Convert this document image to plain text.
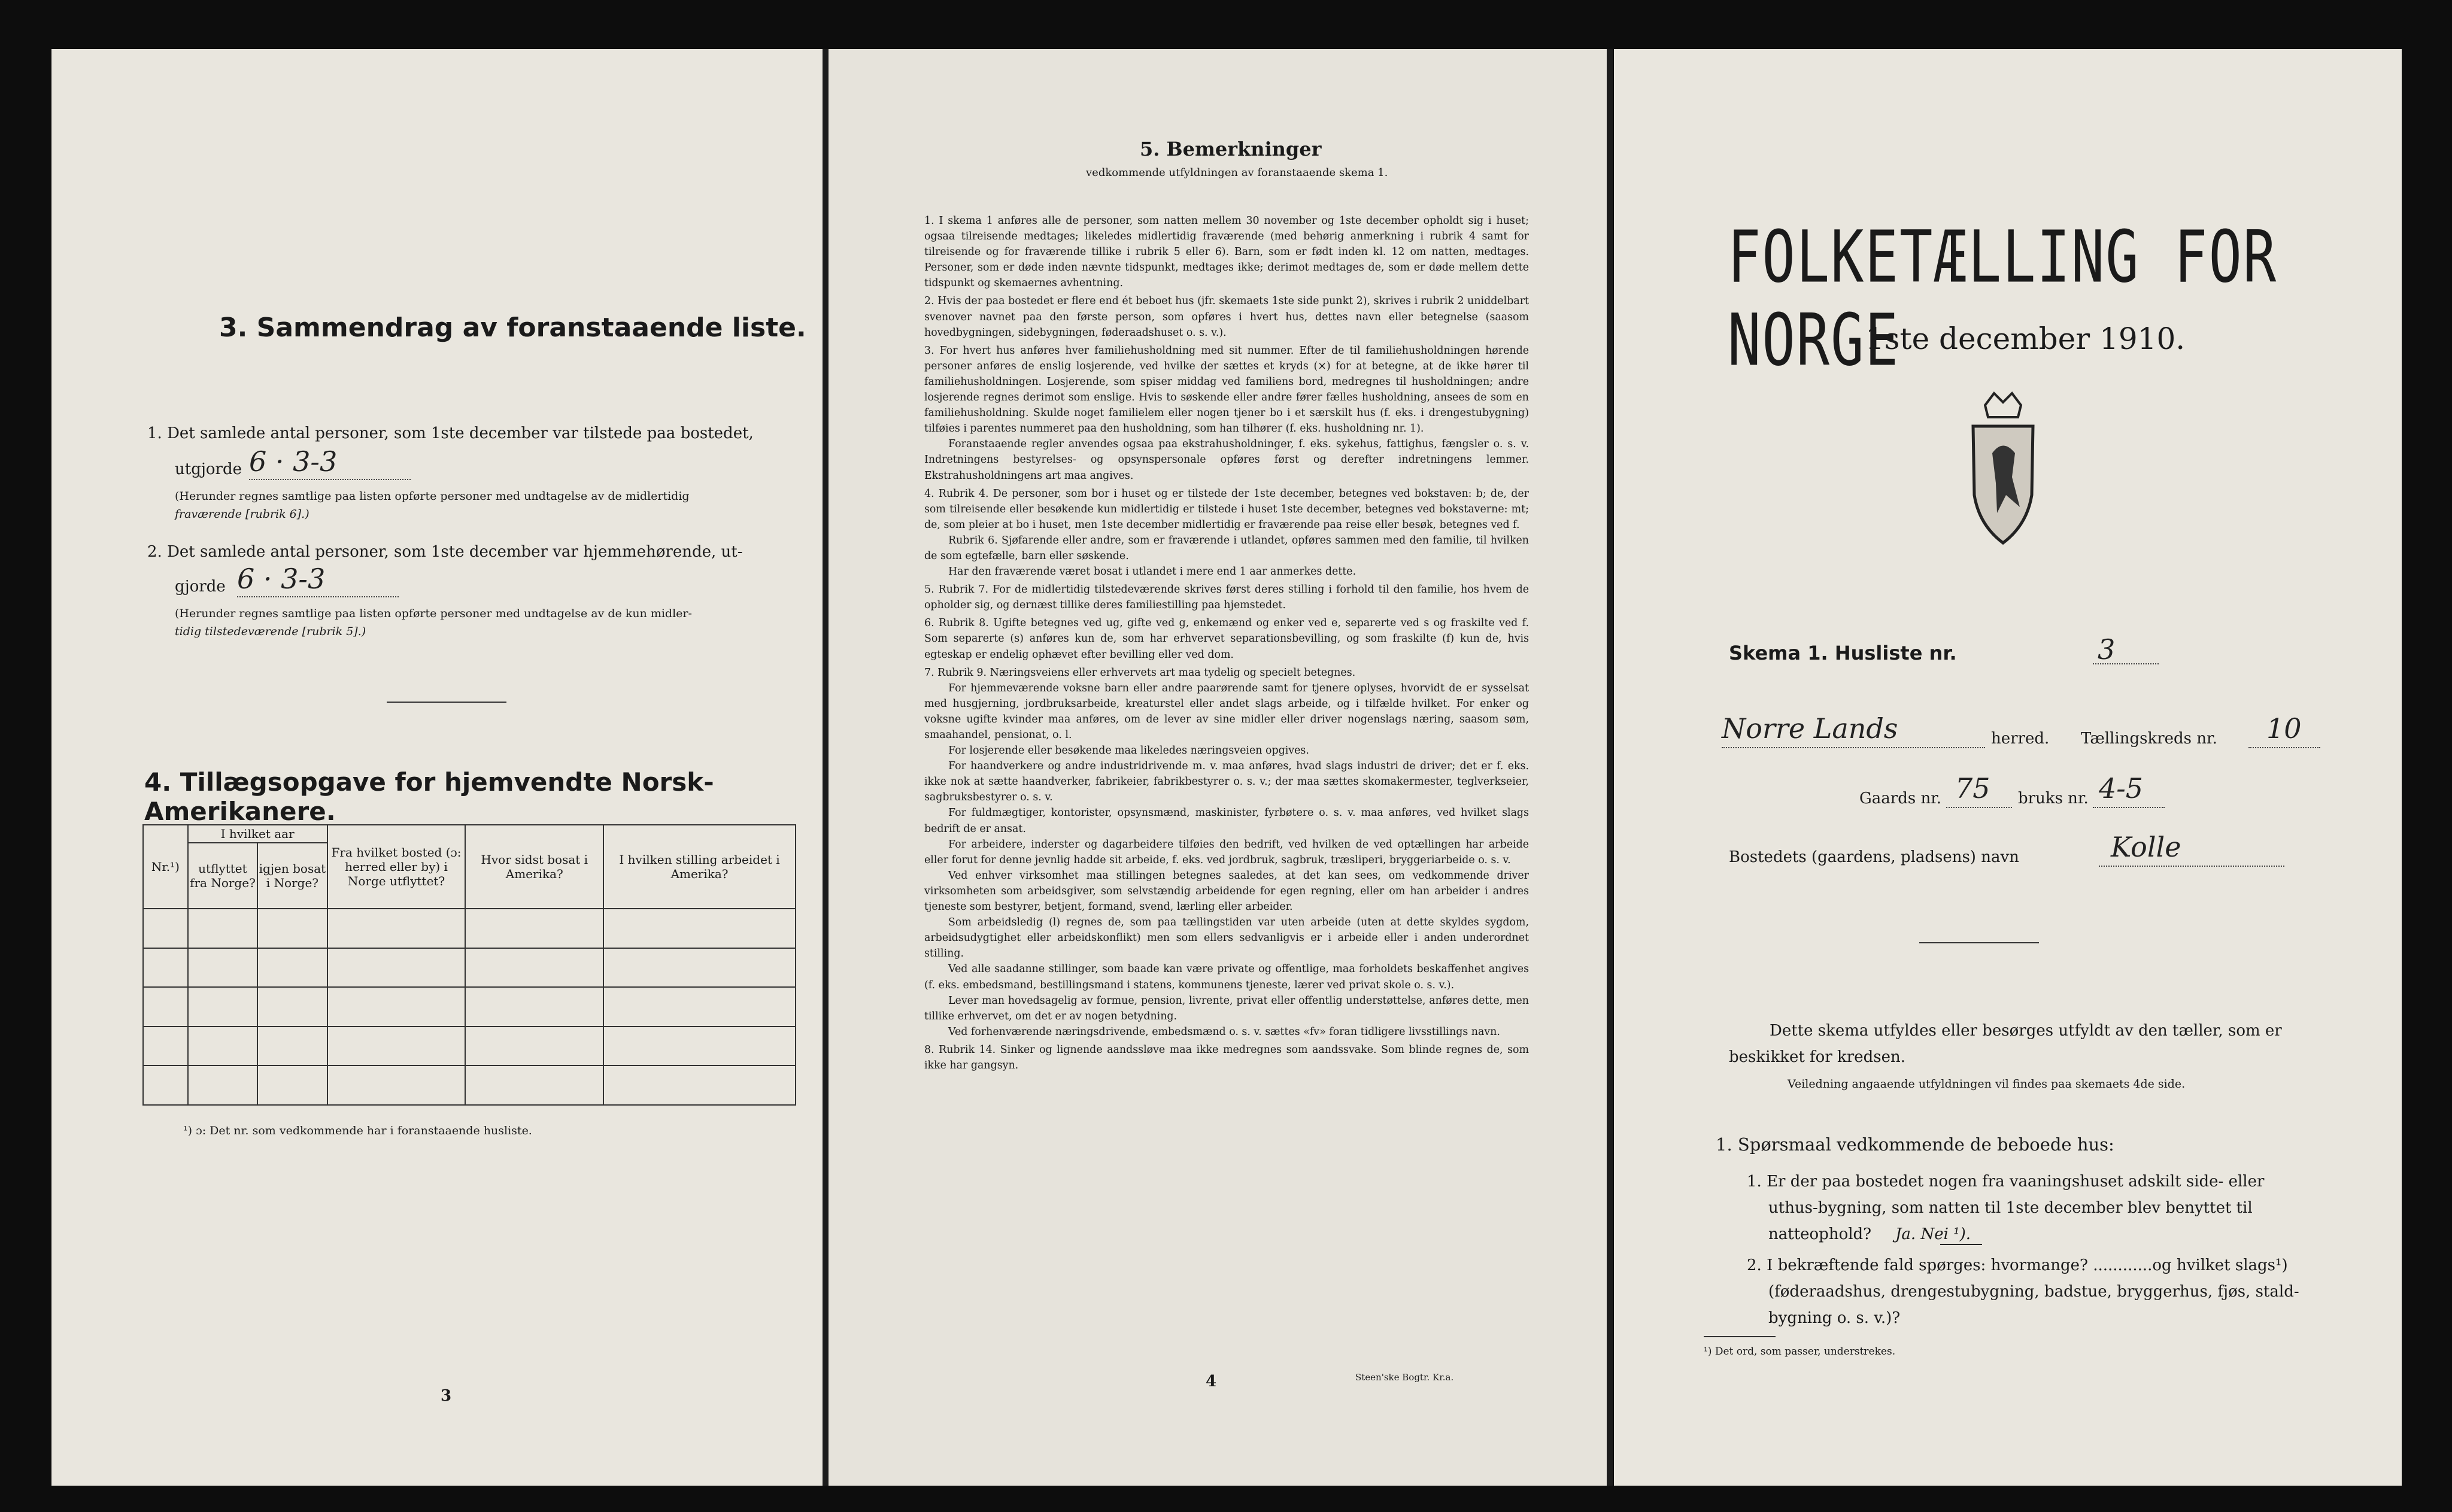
3. Sammendrag av foranstaaende liste.
1. Det samlede antal personer, som 1ste december var tilstede paa bostedet,
utgjorde 6 · 3-3
(Herunder regnes samtlige paa listen opførte personer med undtagelse av de midlertidig
fraværende [rubrik 6].)
2. Det samlede antal personer, som 1ste december var hjemmehørende, ut-
gjorde 6 · 3-3
(Herunder regnes samtlige paa listen opførte personer med undtagelse av de kun midler-
tidig tilstedeværende [rubrik 5].)
4. Tillægsopgave for hjemvendte Norsk-Amerikanere.
Nr.¹)	I hvilket aar		Fra hvilket bosted (ɔ: herred eller by) i Norge utflyttet?	Hvor sidst bosat i Amerika?	I hvilken stilling arbeidet i Amerika?
	utflyttet fra Norge?	igjen bosat i Norge?			

¹) ɔ: Det nr. som vedkommende har i foranstaaende husliste.
3
5. Bemerkninger
vedkommende utfyldningen av foranstaaende skema 1.

1. I skema 1 anføres alle de personer, som natten mellem 30 november og 1ste december opholdt sig i huset; ogsaa tilreisende medtages; likeledes midlertidig fraværende (med behørig anmerkning i rubrik 4 samt for tilreisende og for fraværende tillike i rubrik 5 eller 6). Barn, som er født inden kl. 12 om natten, medtages. Personer, som er døde inden nævnte tidspunkt, medtages ikke; derimot medtages de, som er døde mellem dette tidspunkt og skemaernes avhentning.

2. Hvis der paa bostedet er flere end ét beboet hus (jfr. skemaets 1ste side punkt 2), skrives i rubrik 2 uniddelbart svenover navnet paa den første person, som opføres i hvert hus, dettes navn eller betegnelse (saasom hovedbygningen, sidebygningen, føderaadshuset o. s. v.).

3. For hvert hus anføres hver familiehusholdning med sit nummer. Efter de til familiehusholdningen hørende personer anføres de enslig losjerende, ved hvilke der sættes et kryds (×) for at betegne, at de ikke hører til familiehusholdningen. Losjerende, som spiser middag ved familiens bord, medregnes til husholdningen; andre losjerende regnes derimot som enslige. Hvis to søskende eller andre fører fælles husholdning, ansees de som en familiehusholdning. Skulde noget familielem eller nogen tjener bo i et særskilt hus (f. eks. i drengestubygning) tilføies i parentes nummeret paa den husholdning, som han tilhører (f. eks. husholdning nr. 1).

Foranstaaende regler anvendes ogsaa paa ekstrahusholdninger, f. eks. sykehus, fattighus, fængsler o. s. v. Indretningens bestyrelses- og opsynspersonale opføres først og derefter indretningens lemmer. Ekstrahusholdningens art maa angives.

4. Rubrik 4. De personer, som bor i huset og er tilstede der 1ste december, betegnes ved bokstaven: b; de, der som tilreisende eller besøkende kun midlertidig er tilstede i huset 1ste december, betegnes ved bokstaverne: mt; de, som pleier at bo i huset, men 1ste december midlertidig er fraværende paa reise eller besøk, betegnes ved f.

Rubrik 6. Sjøfarende eller andre, som er fraværende i utlandet, opføres sammen med den familie, til hvilken de som egtefælle, barn eller søskende.

Har den fraværende været bosat i utlandet i mere end 1 aar anmerkes dette.

5. Rubrik 7. For de midlertidig tilstedeværende skrives først deres stilling i forhold til den familie, hos hvem de opholder sig, og dernæst tillike deres familiestilling paa hjemstedet.

6. Rubrik 8. Ugifte betegnes ved ug, gifte ved g, enkemænd og enker ved e, separerte ved s og fraskilte ved f. Som separerte (s) anføres kun de, som har erhvervet separationsbevilling, og som fraskilte (f) kun de, hvis egteskap er endelig ophævet efter bevilling eller ved dom.

7. Rubrik 9. Næringsveiens eller erhvervets art maa tydelig og specielt betegnes.

For hjemmeværende voksne barn eller andre paarørende samt for tjenere oplyses, hvorvidt de er sysselsat med husgjerning, jordbruksarbeide, kreaturstel eller andet slags arbeide, og i tilfælde hvilket. For enker og voksne ugifte kvinder maa anføres, om de lever av sine midler eller driver nogenslags næring, saasom søm, smaahandel, pensionat, o. l.

For losjerende eller besøkende maa likeledes næringsveien opgives.

For haandverkere og andre industridrivende m. v. maa anføres, hvad slags industri de driver; det er f. eks. ikke nok at sætte haandverker, fabrikeier, fabrikbestyrer o. s. v.; der maa sættes skomakermester, teglverkseier, sagbruksbestyrer o. s. v.

For fuldmægtiger, kontorister, opsynsmænd, maskinister, fyrbøtere o. s. v. maa anføres, ved hvilket slags bedrift de er ansat.

For arbeidere, inderster og dagarbeidere tilføies den bedrift, ved hvilken de ved optællingen har arbeide eller forut for denne jevnlig hadde sit arbeide, f. eks. ved jordbruk, sagbruk, træsliperi, bryggeriarbeide o. s. v.

Ved enhver virksomhet maa stillingen betegnes saaledes, at det kan sees, om vedkommende driver virksomheten som arbeidsgiver, som selvstændig arbeidende for egen regning, eller om han arbeider i andres tjeneste som bestyrer, betjent, formand, svend, lærling eller arbeider.

Som arbeidsledig (l) regnes de, som paa tællingstiden var uten arbeide (uten at dette skyldes sygdom, arbeidsudygtighet eller arbeidskonflikt) men som ellers sedvanligvis er i arbeide eller i anden underordnet stilling.

Ved alle saadanne stillinger, som baade kan være private og offentlige, maa forholdets beskaffenhet angives (f. eks. embedsmand, bestillingsmand i statens, kommunens tjeneste, lærer ved privat skole o. s. v.).

Lever man hovedsagelig av formue, pension, livrente, privat eller offentlig understøttelse, anføres dette, men tillike erhvervet, om det er av nogen betydning.

Ved forhenværende næringsdrivende, embedsmænd o. s. v. sættes «fv» foran tidligere livsstillings navn.

8. Rubrik 14. Sinker og lignende aandssløve maa ikke medregnes som aandssvake. Som blinde regnes de, som ikke har gangsyn.

4	Steen'ske Bogtr. Kr.a.
FOLKETÆLLING FOR NORGE
1ste december 1910.
Skema 1. Husliste nr.	3
Norre Lands	herred. Tællingskreds nr. 10
Gaards nr. 75 bruks nr. 4-5
Bostedets (gaardens, pladsens) navn	Kolle
Dette skema utfyldes eller besørges utfyldt av den tæller, som er
beskikket for kredsen.
Veiledning angaaende utfyldningen vil findes paa skemaets 4de side.
1. Spørsmaal vedkommende de beboede hus:
1. Er der paa bostedet nogen fra vaaningshuset adskilt side- eller
uthus-bygning, som natten til 1ste december blev benyttet til
natteophold? Ja. Nei ¹).
2. I bekræftende fald spørges: hvormange? ............og hvilket slags¹)
(føderaadshus, drengestubygning, badstue, bryggerhus, fjøs, stald-
bygning o. s. v.)?
¹) Det ord, som passer, understrekes.
